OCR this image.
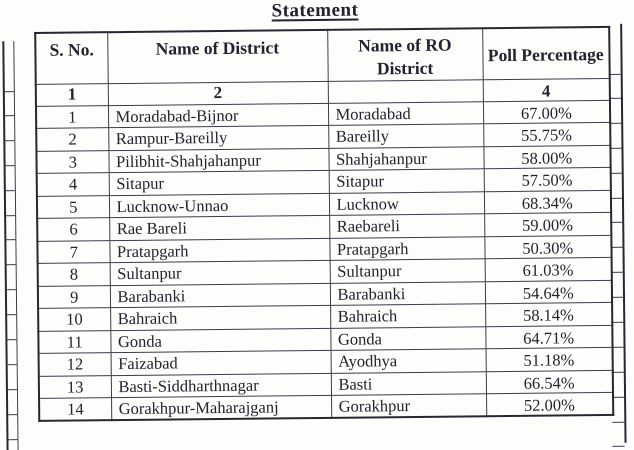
Statement
S. No.	Name of District	Name of RO District	Poll Percentage
1	2		4
1	Moradabad-Bijnor	Moradabad	67.00%
2	Rampur-Bareilly	Bareilly	55.75%
3	Pilibhit-Shahjahanpur	Shahjahanpur	58.00%
4	Sitapur	Sitapur	57.50%
5	Lucknow-Unnao	Lucknow	68.34%
6	Rae Bareli	Raebareli	59.00%
7	Pratapgarh	Pratapgarh	50.30%
8	Sultanpur	Sultanpur	61.03%
9	Barabanki	Barabanki	54.64%
10	Bahraich	Bahraich	58.14%
11	Gonda	Gonda	64.71%
12	Faizabad	Ayodhya	51.18%
13	Basti-Siddharthnagar	Basti	66.54%
14	Gorakhpur-Maharajganj	Gorakhpur	52.00%
